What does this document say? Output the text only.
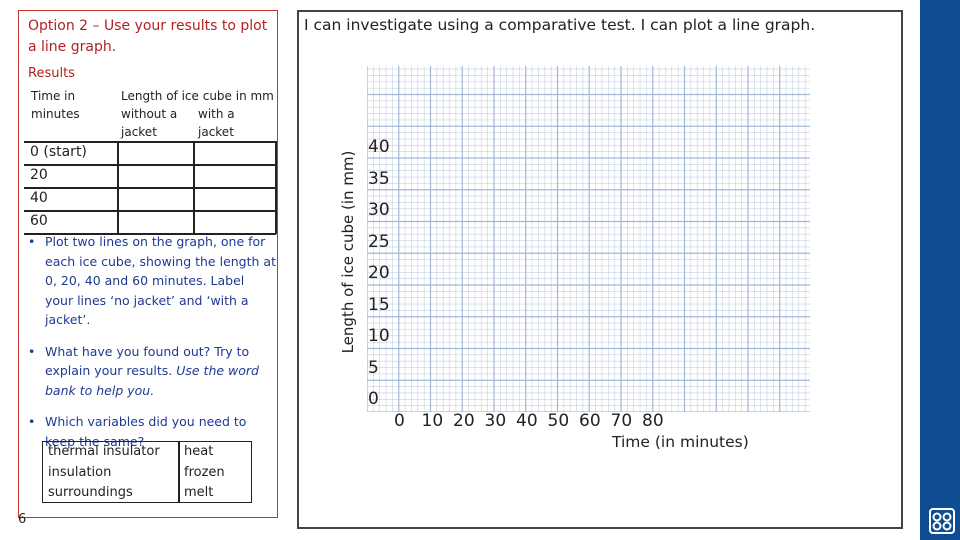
Option 2 – Use your results to plot a line graph.
Results
Time in minutes
Length of ice cube in mm
without a jacket
with a jacket
0 (start)
20
40
60
• Plot two lines on the graph, one for each ice cube, showing the length at 0, 20, 40 and 60 minutes. Label your lines ‘no jacket’ and ‘with a jacket’.
• What have you found out? Try to explain your results. Use the word bank to help you.
• Which variables did you need to keep the same?
thermal insulator
insulation
surroundings
heat
frozen
melt
6
I can investigate using a comparative test. I can plot a line graph.
40
35
30
25
20
15
10
5
0
0 10 20 30 40 50 60 70 80
Length of ice cube (in mm)
Time (in minutes)
